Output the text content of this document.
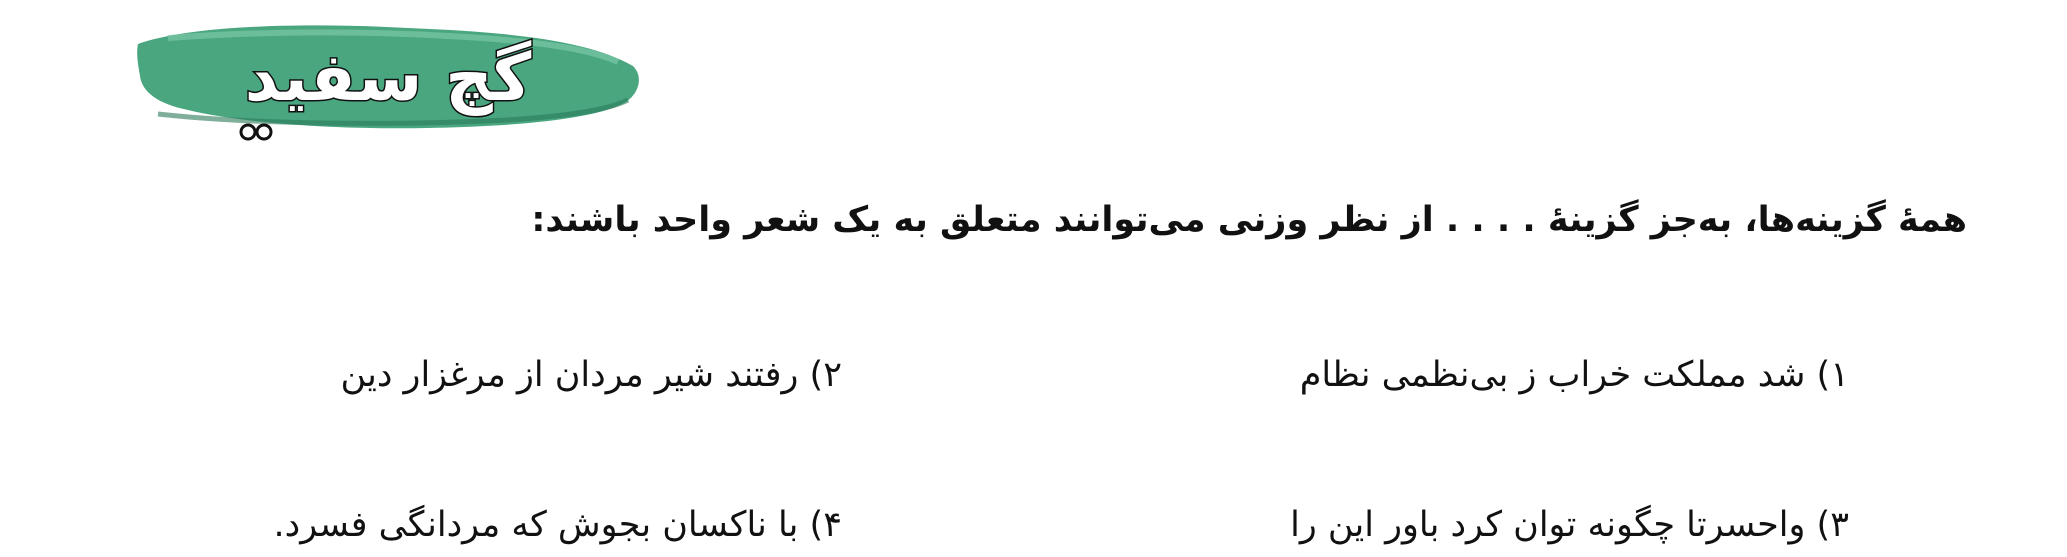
گچ سفید
همهٔ گزینه‌ها، به‌جز گزینهٔ . . . . از نظر وزنی می‌توانند متعلق به یک شعر واحد باشند:
۱) شد مملکت خراب ز بی‌نظمی نظام
۲) رفتند شیر مردان از مرغزار دین
۳) واحسرتا چگونه توان کرد باور این را
۴) با ناکسان بجوش که مردانگی فسرد.
